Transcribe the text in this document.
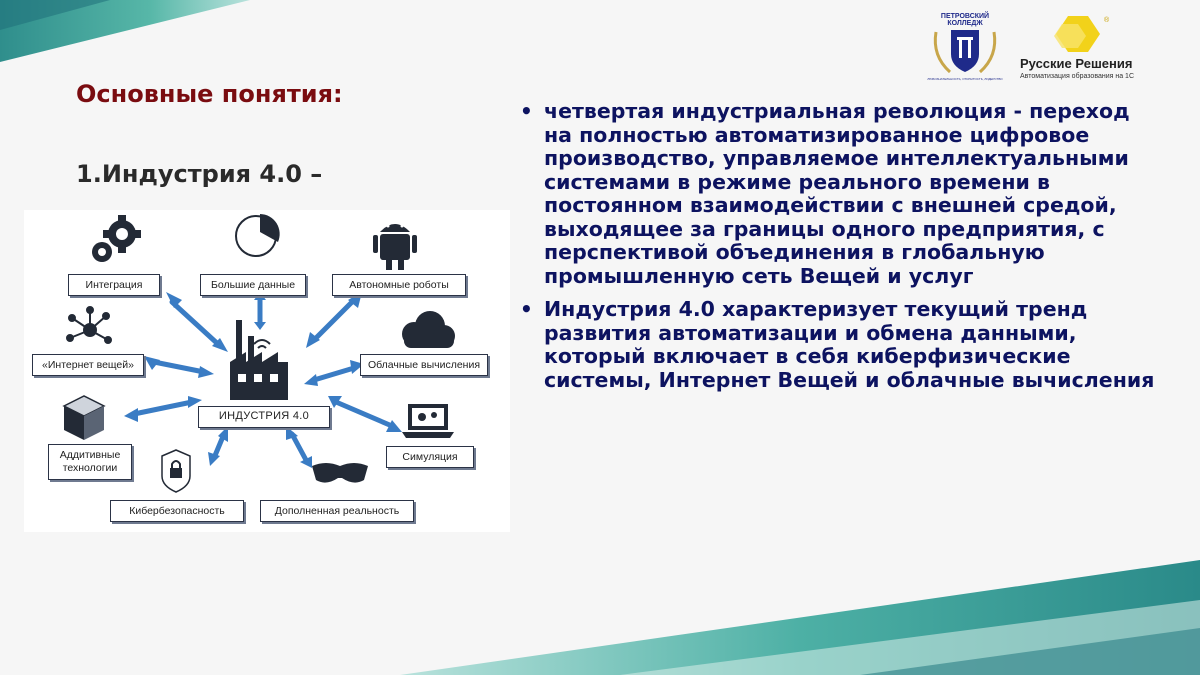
ПЕТРОВСКИЙ
КОЛЛЕДЖ
ЛЮБОЗНАТЕЛЬНОСТЬ, ОТКРЫТОСТЬ, ЛИДЕРСТВО
®
Русские Решения
Автоматизация образования на 1С
Основные понятия:
1.Индустрия 4.0 –
Интеграция	Большие данные	Автономные роботы
«Интернет вещей»	Облачные вычисления
ИНДУСТРИЯ 4.0
Аддитивные технологии
Симуляция
Кибербезопасность	Дополненная реальность
• четвертая индустриальная революция - переход на полностью автоматизированное цифровое производство, управляемое интеллектуальными системами в режиме реального времени в постоянном взаимодействии с внешней средой, выходящее за границы одного предприятия, с перспективой объединения в глобальную промышленную сеть Вещей и услуг
• Индустрия 4.0 характеризует текущий тренд развития автоматизации и обмена данными, который включает в себя киберфизические системы, Интернет Вещей и облачные вычисления
